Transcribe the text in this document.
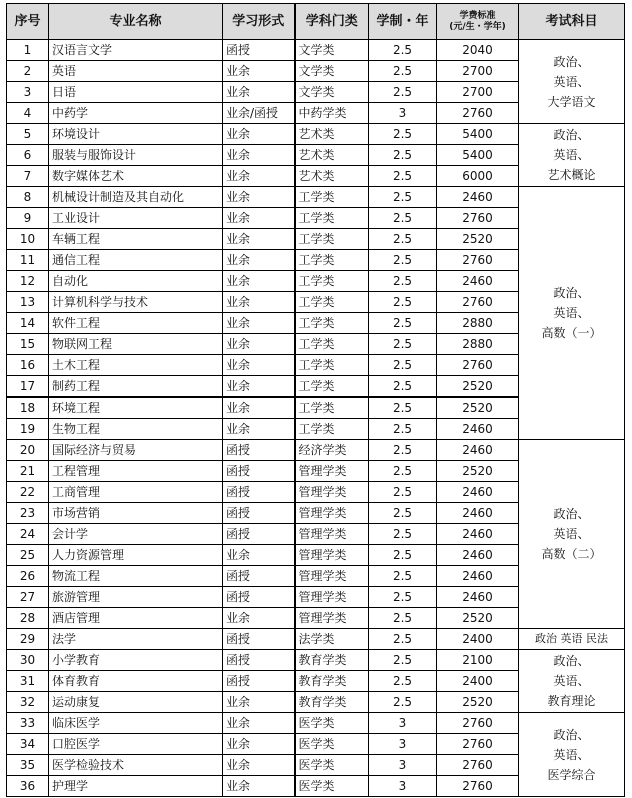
序号	专业名称	学习形式	学科门类	学制・年	学费标准
(元/生・学年)	考试科目
1	汉语言文学	函授	文学类	2.5	2040	政治、
英语、
大学语文

2	英语	业余	文学类	2.5	2700	
3	日语	业余	文学类	2.5	2700	
4	中药学	业余/函授	中药学类	3	2760	
5	环境设计	业余	艺术类	2.5	5400	政治、
英语、
艺术概论

6	服装与服饰设计	业余	艺术类	2.5	5400	
7	数字媒体艺术	业余	艺术类	2.5	6000	
8	机械设计制造及其自动化	业余	工学类	2.5	2460	政治、
英语、
高数（一）

9	工业设计	业余	工学类	2.5	2760	
10	车辆工程	业余	工学类	2.5	2520	
11	通信工程	业余	工学类	2.5	2760	
12	自动化	业余	工学类	2.5	2460	
13	计算机科学与技术	业余	工学类	2.5	2760	
14	软件工程	业余	工学类	2.5	2880	
15	物联网工程	业余	工学类	2.5	2880	
16	土木工程	业余	工学类	2.5	2760	
17	制药工程	业余	工学类	2.5	2520	
18	环境工程	业余	工学类	2.5	2520	
19	生物工程	业余	工学类	2.5	2460	
20	国际经济与贸易	函授	经济学类	2.5	2460	政治、
英语、
高数（二）

21	工程管理	函授	管理学类	2.5	2520	
22	工商管理	函授	管理学类	2.5	2460	
23	市场营销	函授	管理学类	2.5	2460	
24	会计学	函授	管理学类	2.5	2460	
25	人力资源管理	业余	管理学类	2.5	2460	
26	物流工程	函授	管理学类	2.5	2460	
27	旅游管理	函授	管理学类	2.5	2460	
28	酒店管理	业余	管理学类	2.5	2520	
29	法学	函授	法学类	2.5	2400	政治 英语 民法

30	小学教育	函授	教育学类	2.5	2100	政治、
英语、
教育理论

31	体育教育	函授	教育学类	2.5	2400	
32	运动康复	业余	教育学类	2.5	2520	
33	临床医学	业余	医学类	3	2760	政治、
英语、
医学综合

34	口腔医学	业余	医学类	3	2760	
35	医学检验技术	业余	医学类	3	2760	
36	护理学	业余	医学类	3	2760	
